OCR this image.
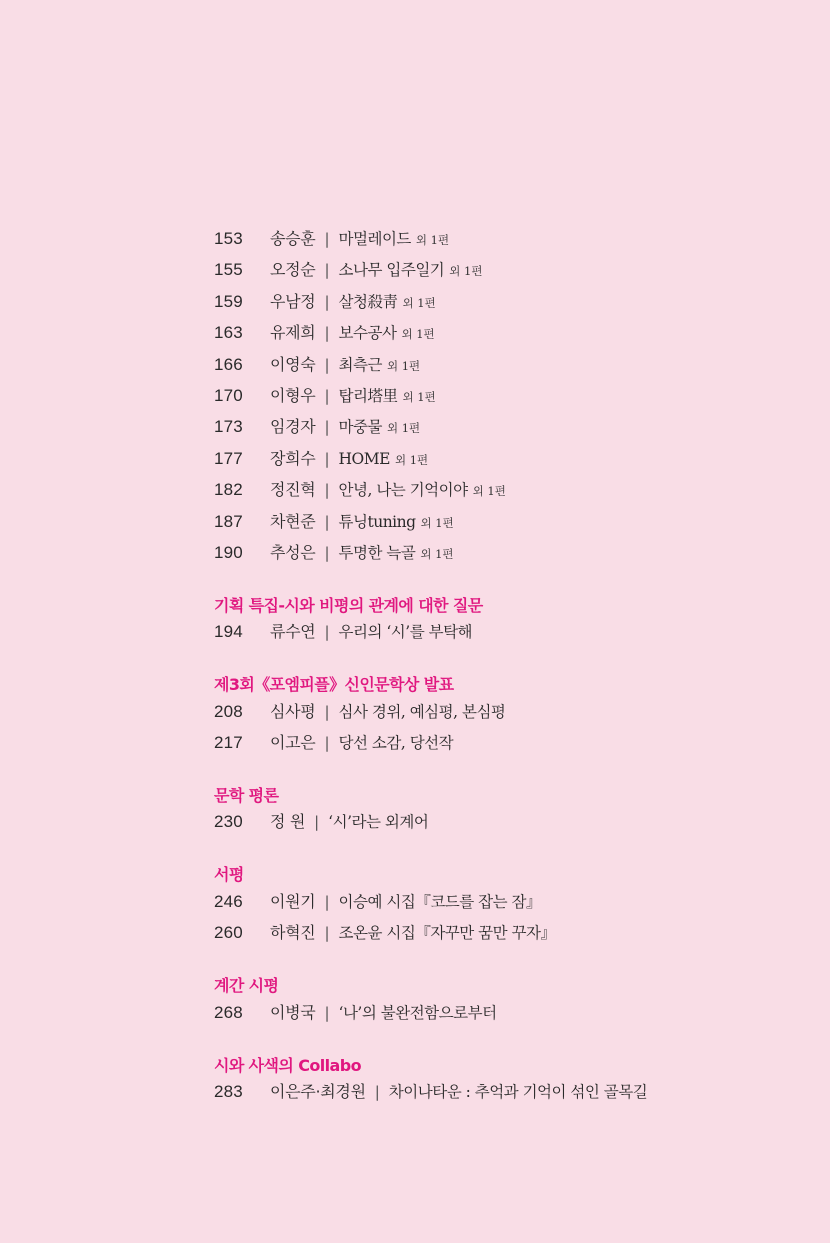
153	송승훈 | 마멀레이드 외 1편
155	오정순 | 소나무 입주일기 외 1편
159	우남정 | 살청殺靑 외 1편
163	유제희 | 보수공사 외 1편
166	이영숙 | 최측근 외 1편
170	이형우 | 탑리塔里 외 1편
173	임경자 | 마중물 외 1편
177	장희수 | HOME 외 1편
182	정진혁 | 안녕, 나는 기억이야 외 1편
187	차현준 | 튜닝tuning 외 1편
190	추성은 | 투명한 늑골 외 1편
기획 특집-시와 비평의 관계에 대한 질문
194	류수연 | 우리의 ‘시’를 부탁해
제3회《포엠피플》신인문학상 발표
208	심사평 | 심사 경위, 예심평, 본심평
217	이고은 | 당선 소감, 당선작
문학 평론
230	정 원 | ‘시’라는 외계어
서평
246	이원기 | 이승예 시집『코드를 잡는 잠』
260	하혁진 | 조온윤 시집『자꾸만 꿈만 꾸자』
계간 시평
268	이병국 | ‘나’의 불완전함으로부터
시와 사색의 Collabo
283	이은주·최경원 | 차이나타운 : 추억과 기억이 섞인 골목길
